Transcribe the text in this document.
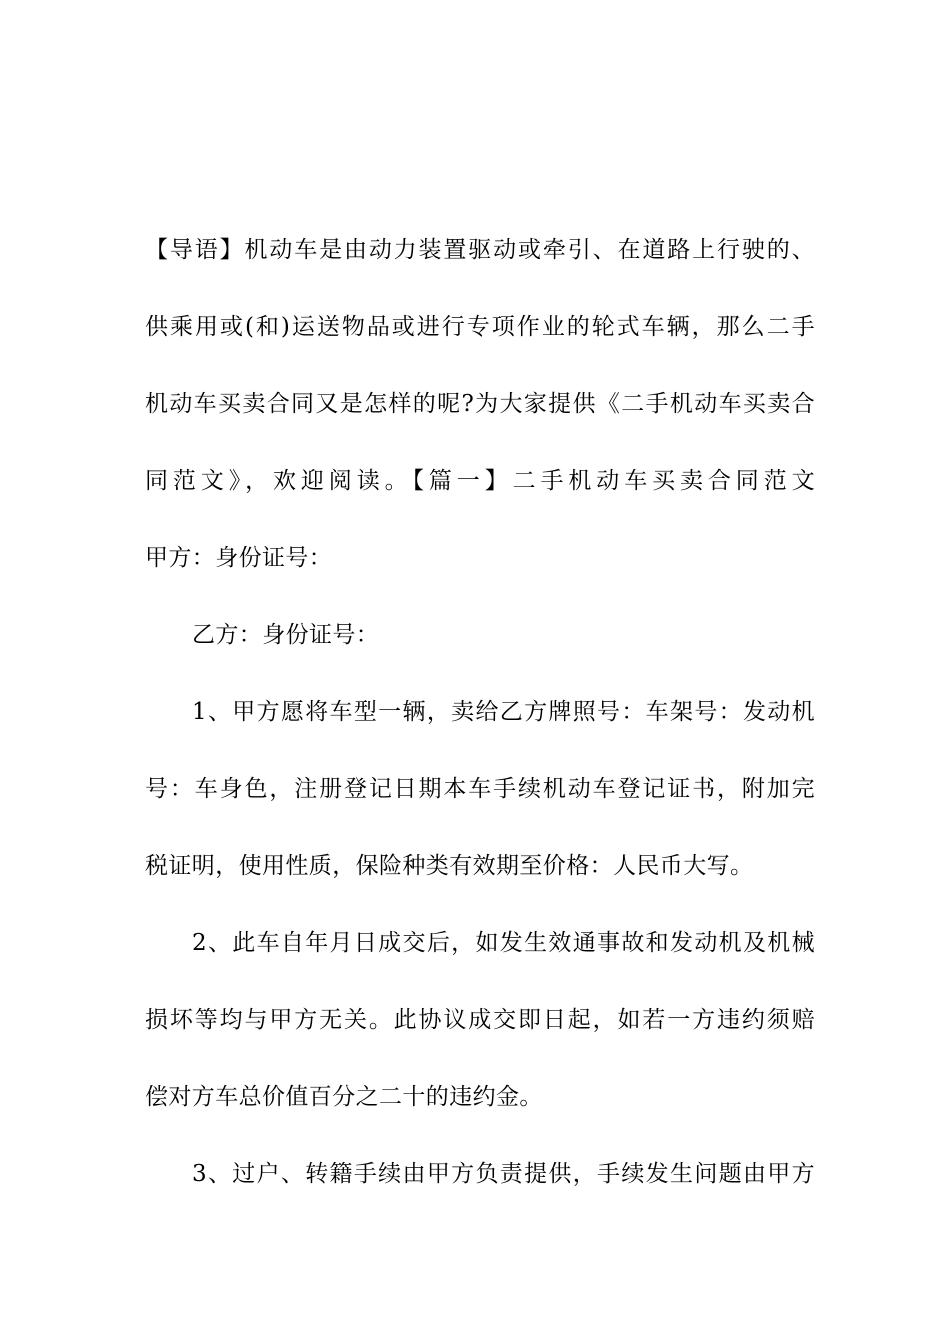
【导语】机动车是由动力装置驱动或牵引、在道路上行驶的、
供乘用或(和)运送物品或进行专项作业的轮式车辆，那么二手
机动车买卖合同又是怎样的呢?为大家提供《二手机动车买卖合
同范文》，欢迎阅读。【篇一】二手机动车买卖合同范文
甲方：身份证号：
乙方：身份证号：
1、甲方愿将车型一辆，卖给乙方牌照号：车架号：发动机
号：车身色，注册登记日期本车手续机动车登记证书，附加完
税证明，使用性质，保险种类有效期至价格：人民币大写。
2、此车自年月日成交后，如发生效通事故和发动机及机械
损坏等均与甲方无关。此协议成交即日起，如若一方违约须赔
偿对方车总价值百分之二十的违约金。
3、过户、转籍手续由甲方负责提供，手续发生问题由甲方
